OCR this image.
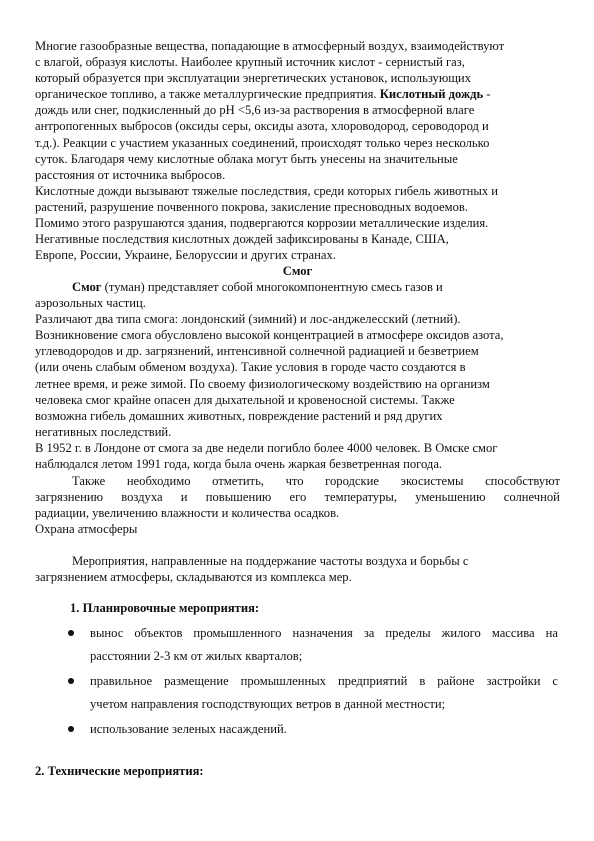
Многие газообразные вещества, попадающие в атмосферный воздух, взаимодействуют
с влагой, образуя кислоты. Наиболее крупный источник кислот - сернистый газ,
который образуется при эксплуатации энергетических установок, использующих
органическое топливо, а также металлургические предприятия. Кислотный дождь -
дождь или снег, подкисленный до pH <5,6 из-за растворения в атмосферной влаге
антропогенных выбросов (оксиды серы, оксиды азота, хлороводород, сероводород и
т.д.). Реакции с участием указанных соединений, происходят только через несколько
суток. Благодаря чему кислотные облака могут быть унесены на значительные
расстояния от источника выбросов.
Кислотные дожди вызывают тяжелые последствия, среди которых гибель животных и
растений, разрушение почвенного покрова, закисление пресноводных водоемов.
Помимо этого разрушаются здания, подвергаются коррозии металлические изделия.
Негативные последствия кислотных дождей зафиксированы в Канаде, США,
Европе, России, Украине, Белоруссии и других странах.
Смог
Смог (туман) представляет собой многокомпонентную смесь газов и
аэрозольных частиц.
Различают два типа смога: лондонский (зимний) и лос-анджелесский (летний).
Возникновение смога обусловлено высокой концентрацией в атмосфере оксидов азота,
углеводородов и др. загрязнений, интенсивной солнечной радиацией и безветрием
(или очень слабым обменом воздуха). Такие условия в городе часто создаются в
летнее время, и реже зимой. По своему физиологическому воздействию на организм
человека смог крайне опасен для дыхательной и кровеносной системы. Также
возможна гибель домашних животных, повреждение растений и ряд других
негативных последствий.
В 1952 г. в Лондоне от смога за две недели погибло более 4000 человек. В Омске смог
наблюдался летом 1991 года, когда была очень жаркая безветренная погода.
Также необходимо отметить, что городские экосистемы способствуют
загрязнению воздуха и повышению его температуры, уменьшению солнечной
радиации, увеличению влажности и количества осадков.
Охрана атмосферы
Мероприятия, направленные на поддержание частоты воздуха и борьбы с
загрязнением атмосферы, складываются из комплекса мер.
1. Планировочные мероприятия:
вынос объектов промышленного назначения за пределы жилого массива на
расстоянии 2-3 км от жилых кварталов;
правильное размещение промышленных предприятий в районе застройки с
учетом направления господствующих ветров в данной местности;
использование зеленых насаждений.
2. Технические мероприятия:
